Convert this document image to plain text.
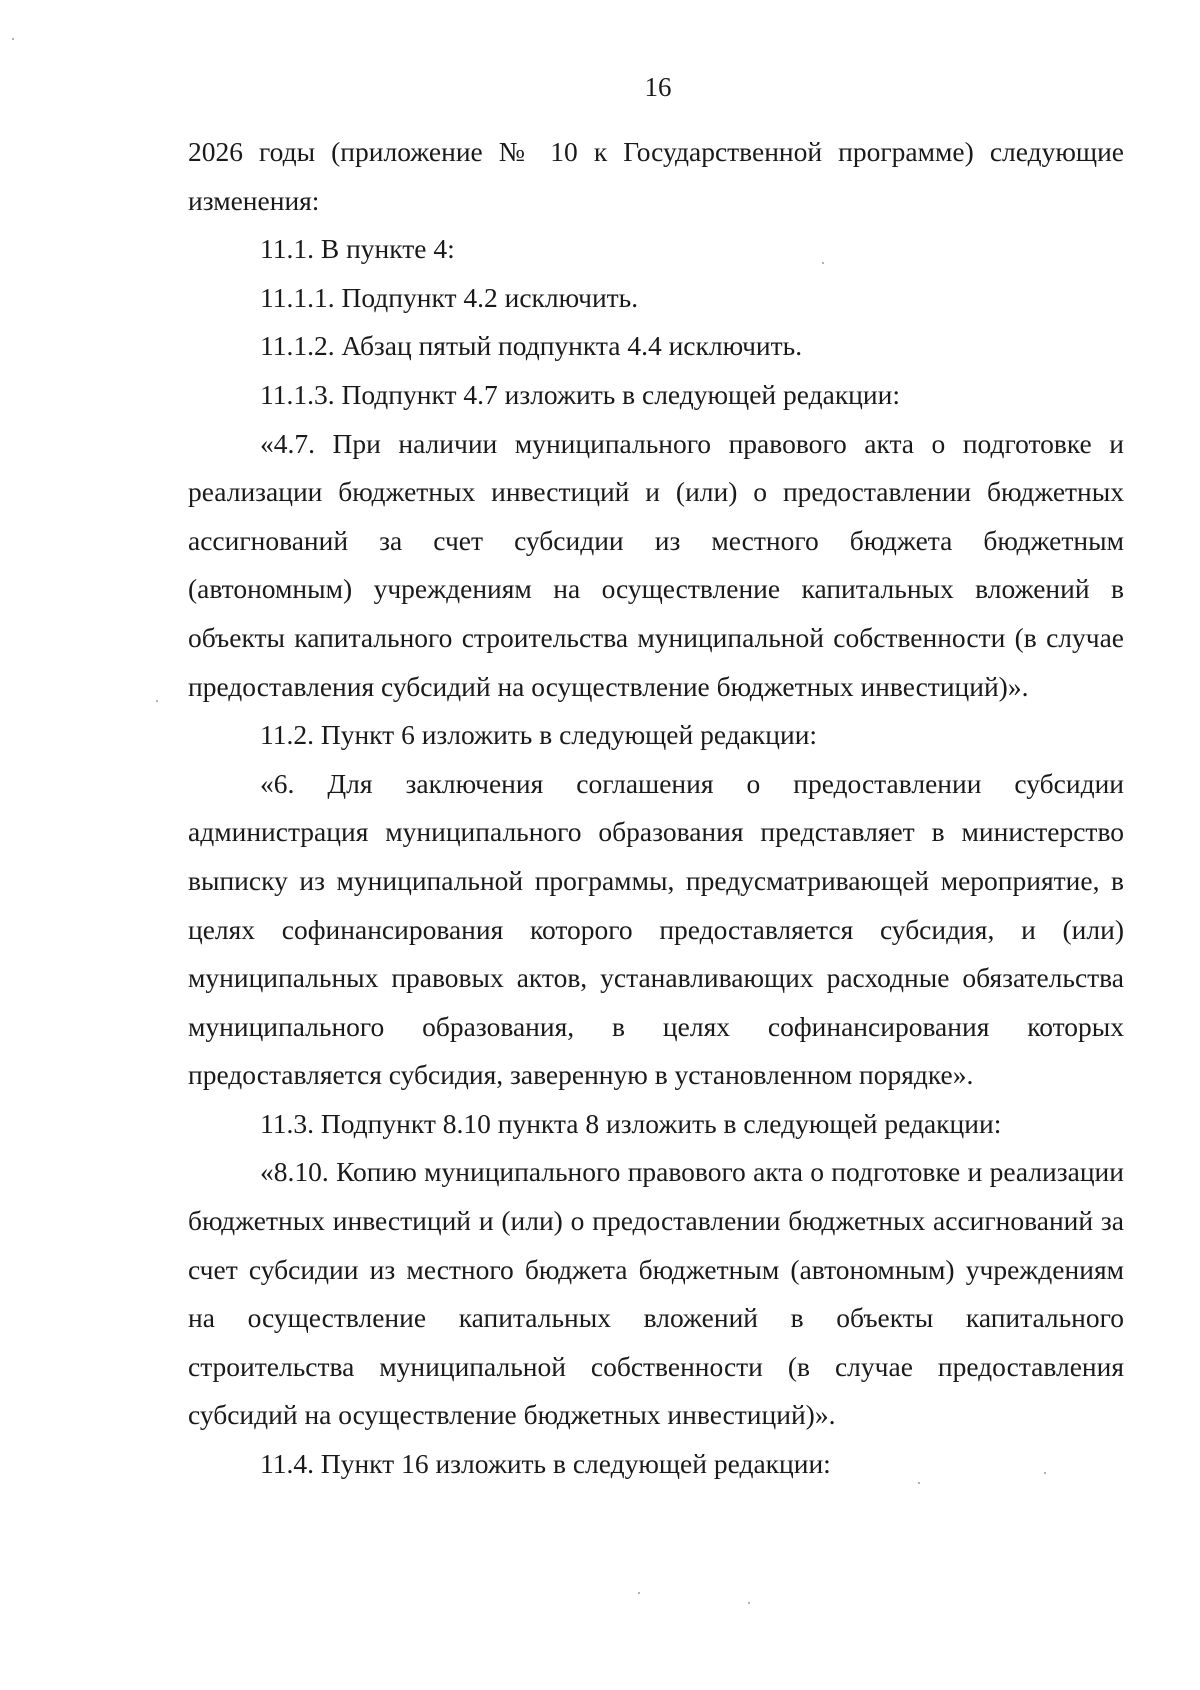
16

2026 годы (приложение № 10 к Государственной программе) следующие изменения:

11.1. В пункте 4:

11.1.1. Подпункт 4.2 исключить.

11.1.2. Абзац пятый подпункта 4.4 исключить.

11.1.3. Подпункт 4.7 изложить в следующей редакции:

«4.7. При наличии муниципального правового акта о подготовке и реализации бюджетных инвестиций и (или) о предоставлении бюджетных ассигнований за счет субсидии из местного бюджета бюджетным (автономным) учреждениям на осуществление капитальных вложений в объекты капитального строительства муниципальной собственности (в случае предоставления субсидий на осуществление бюджетных инвестиций)».

11.2. Пункт 6 изложить в следующей редакции:

«6. Для заключения соглашения о предоставлении субсидии администрация муниципального образования представляет в министерство выписку из муниципальной программы, предусматривающей мероприятие, в целях софинансирования которого предоставляется субсидия, и (или) муниципальных правовых актов, устанавливающих расходные обязательства муниципального образования, в целях софинансирования которых предоставляется субсидия, заверенную в установленном порядке».

11.3. Подпункт 8.10 пункта 8 изложить в следующей редакции:

«8.10. Копию муниципального правового акта о подготовке и реализации бюджетных инвестиций и (или) о предоставлении бюджетных ассигнований за счет субсидии из местного бюджета бюджетным (автономным) учреждениям на осуществление капитальных вложений в объекты капитального строительства муниципальной собственности (в случае предоставления субсидий на осуществление бюджетных инвестиций)».

11.4. Пункт 16 изложить в следующей редакции:
